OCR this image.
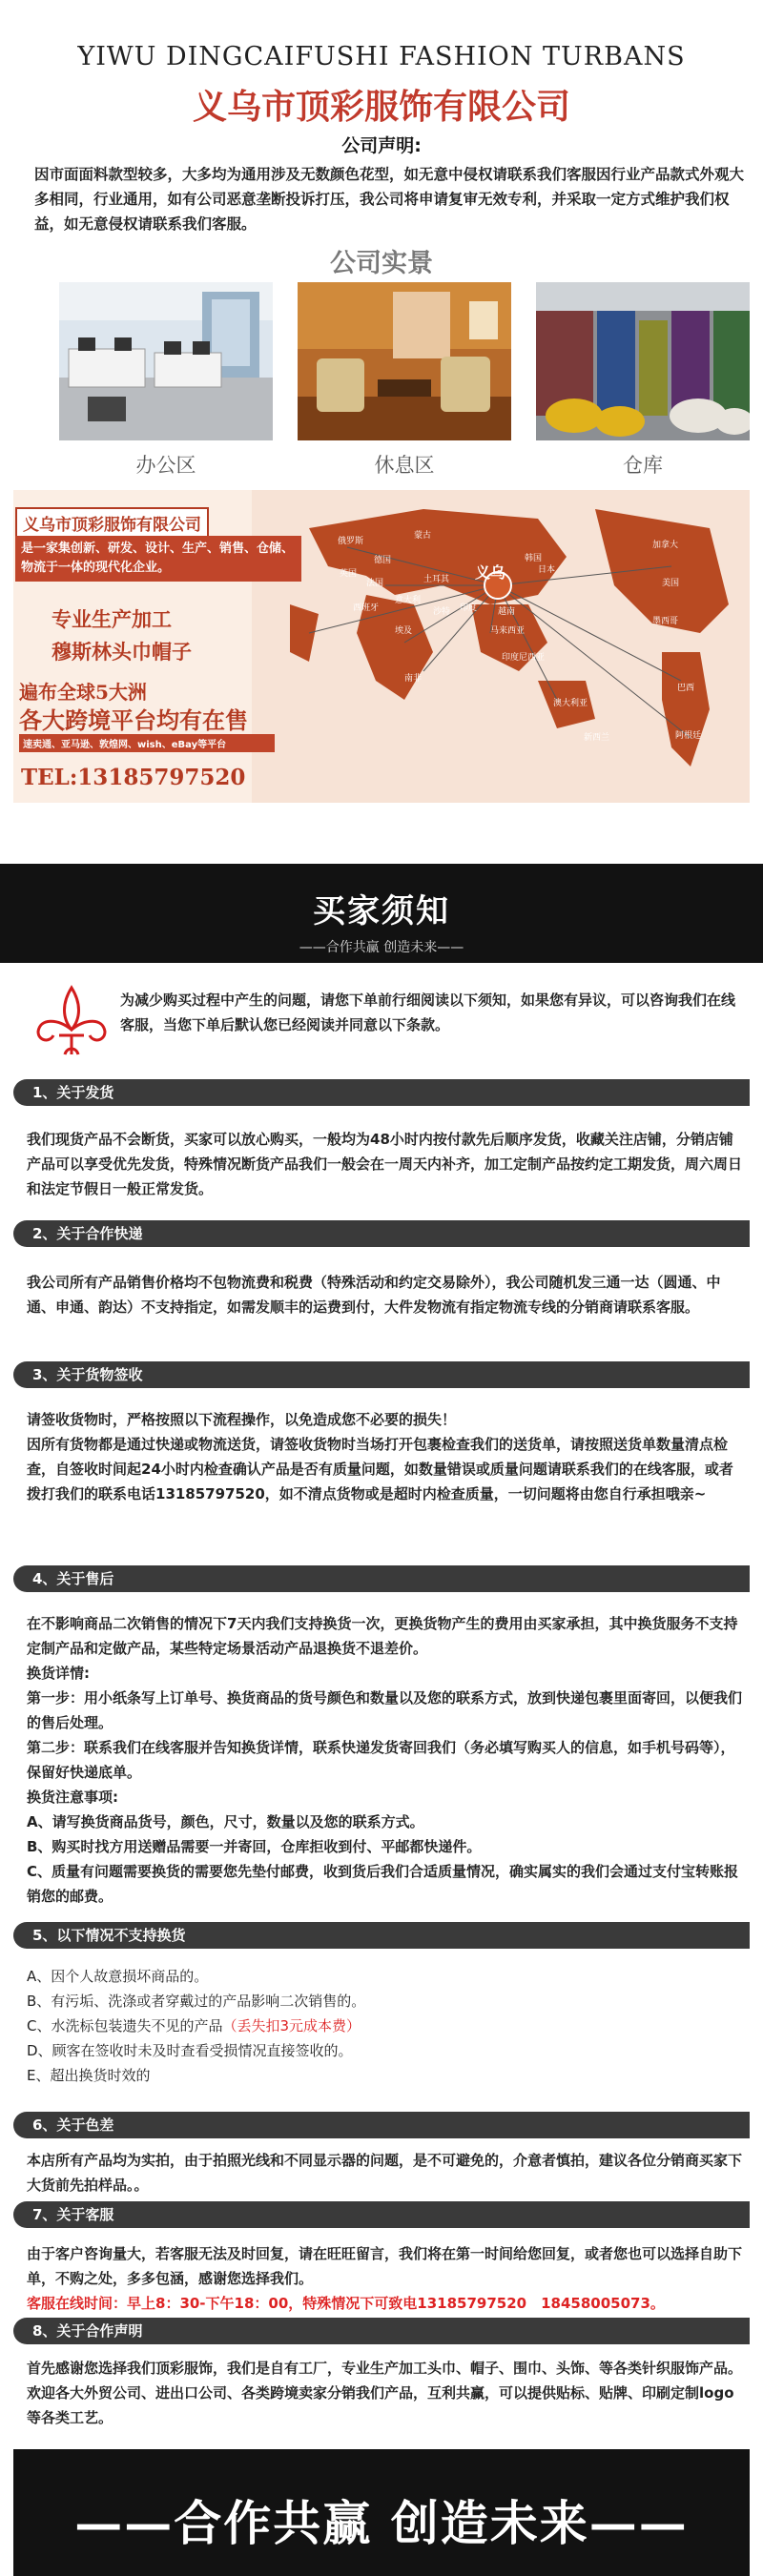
YIWU DINGCAIFUSHI FASHION TURBANS
义乌市顶彩服饰有限公司
公司声明:
因市面面料款型较多，大多均为通用涉及无数颜色花型，如无意中侵权请联系我们客服因行业产品款式外观大多相同，行业通用，如有公司恶意垄断投诉打压，我公司将申请复审无效专利，并采取一定方式维护我们权益，如无意侵权请联系我们客服。
公司实景
办公区	休息区	仓库
义乌
俄罗斯
蒙古
德国
英国
法国
西班牙
意大利
马来西亚
土耳其
埃及
沙特 印度 越南
印度尼西亚
澳大利亚
南非
加拿大
美国
墨西哥
巴西
阿根廷
日本
韩国
新西兰
义乌市顶彩服饰有限公司
是一家集创新、研发、设计、生产、销售、仓储、物流于一体的现代化企业。
专业生产加工
穆斯林头巾帽子
遍布全球5大洲
各大跨境平台均有在售
速卖通、亚马逊、敦煌网、wish、eBay等平台
TEL:13185797520
买家须知
——合作共赢 创造未来——
为减少购买过程中产生的问题，请您下单前行细阅读以下须知，如果您有异议，可以咨询我们在线客服，当您下单后默认您已经阅读并同意以下条款。
1、关于发货

我们现货产品不会断货，买家可以放心购买，一般均为48小时内按付款先后顺序发货，收藏关注店铺，分销店铺产品可以享受优先发货，特殊情况断货产品我们一般会在一周天内补齐，加工定制产品按约定工期发货，周六周日和法定节假日一般正常发货。

2、关于合作快递

我公司所有产品销售价格均不包物流费和税费（特殊活动和约定交易除外），我公司随机发三通一达（圆通、中通、申通、韵达）不支持指定，如需发顺丰的运费到付，大件发物流有指定物流专线的分销商请联系客服。

3、关于货物签收

请签收货物时，严格按照以下流程操作，以免造成您不必要的损失！

因所有货物都是通过快递或物流送货，请签收货物时当场打开包裹检查我们的送货单，请按照送货单数量清点检查，自签收时间起24小时内检查确认产品是否有质量问题，如数量错误或质量问题请联系我们的在线客服，或者拨打我们的联系电话13185797520，如不清点货物或是超时内检查质量，一切问题将由您自行承担哦亲~

4、关于售后

在不影响商品二次销售的情况下7天内我们支持换货一次，更换货物产生的费用由买家承担，其中换货服务不支持定制产品和定做产品，某些特定场景活动产品退换货不退差价。

换货详情:

第一步：用小纸条写上订单号、换货商品的货号颜色和数量以及您的联系方式，放到快递包裹里面寄回，以便我们的售后处理。

第二步：联系我们在线客服并告知换货详情，联系快递发货寄回我们（务必填写购买人的信息，如手机号码等），保留好快递底单。

换货注意事项:

A、请写换货商品货号，颜色，尺寸，数量以及您的联系方式。

B、购买时找方用送赠品需要一并寄回，仓库拒收到付、平邮都快递件。

C、质量有问题需要换货的需要您先垫付邮费，收到货后我们合适质量情况，确实属实的我们会通过支付宝转账报销您的邮费。

5、以下情况不支持换货

A、因个人故意损坏商品的。

B、有污垢、洗涤或者穿戴过的产品影响二次销售的。

C、水洗标包装遗失不见的产品（丢失扣3元成本费）

D、顾客在签收时未及时查看受损情况直接签收的。

E、超出换货时效的

6、关于色差

本店所有产品均为实拍，由于拍照光线和不同显示器的问题，是不可避免的，介意者慎拍，建议各位分销商买家下大货前先拍样品。。

7、关于客服

由于客户咨询量大，若客服无法及时回复，请在旺旺留言，我们将在第一时间给您回复，或者您也可以选择自助下单，不购之处，多多包涵，感谢您选择我们。

客服在线时间：早上8：30-下午18：00，特殊情况下可致电13185797520　18458005073。

8、关于合作声明

首先感谢您选择我们顶彩服饰，我们是自有工厂，专业生产加工头巾、帽子、围巾、头饰、等各类针织服饰产品。欢迎各大外贸公司、进出口公司、各类跨境卖家分销我们产品，互利共赢，可以提供贴标、贴牌、印刷定制logo等各类工艺。

——合作共赢 创造未来——
